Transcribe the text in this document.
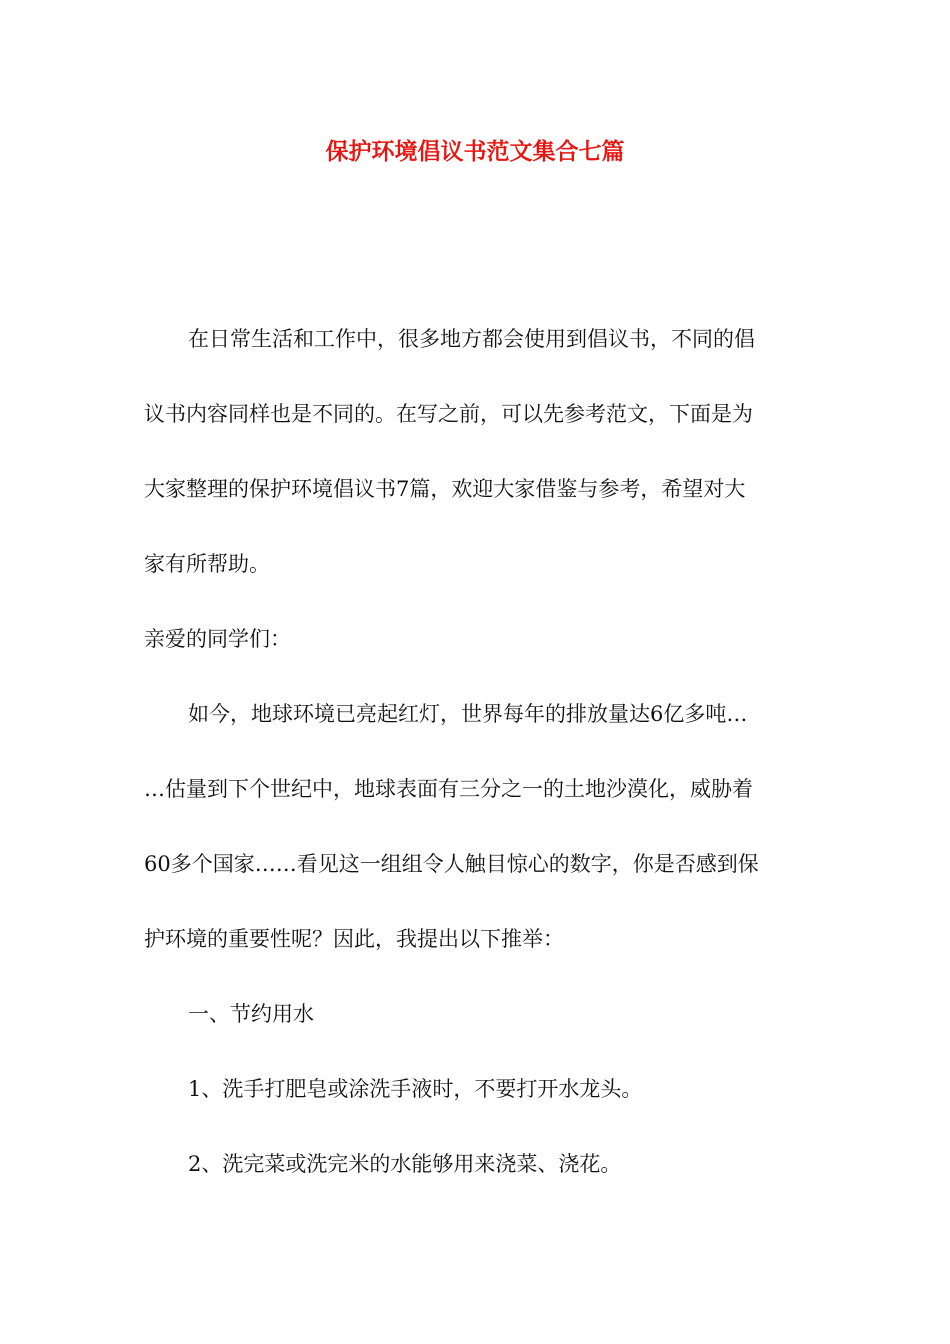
保护环境倡议书范文集合七篇
在日常生活和工作中，很多地方都会使用到倡议书，不同的倡
议书内容同样也是不同的。在写之前，可以先参考范文，下面是为
大家整理的保护环境倡议书7篇，欢迎大家借鉴与参考，希望对大
家有所帮助。
亲爱的同学们：
如今，地球环境已亮起红灯，世界每年的排放量达6亿多吨…
…估量到下个世纪中，地球表面有三分之一的土地沙漠化，威胁着
60多个国家……看见这一组组令人触目惊心的数字，你是否感到保
护环境的重要性呢？因此，我提出以下推举：
一、节约用水
1、洗手打肥皂或涂洗手液时，不要打开水龙头。
2、洗完菜或洗完米的水能够用来浇菜、浇花。
